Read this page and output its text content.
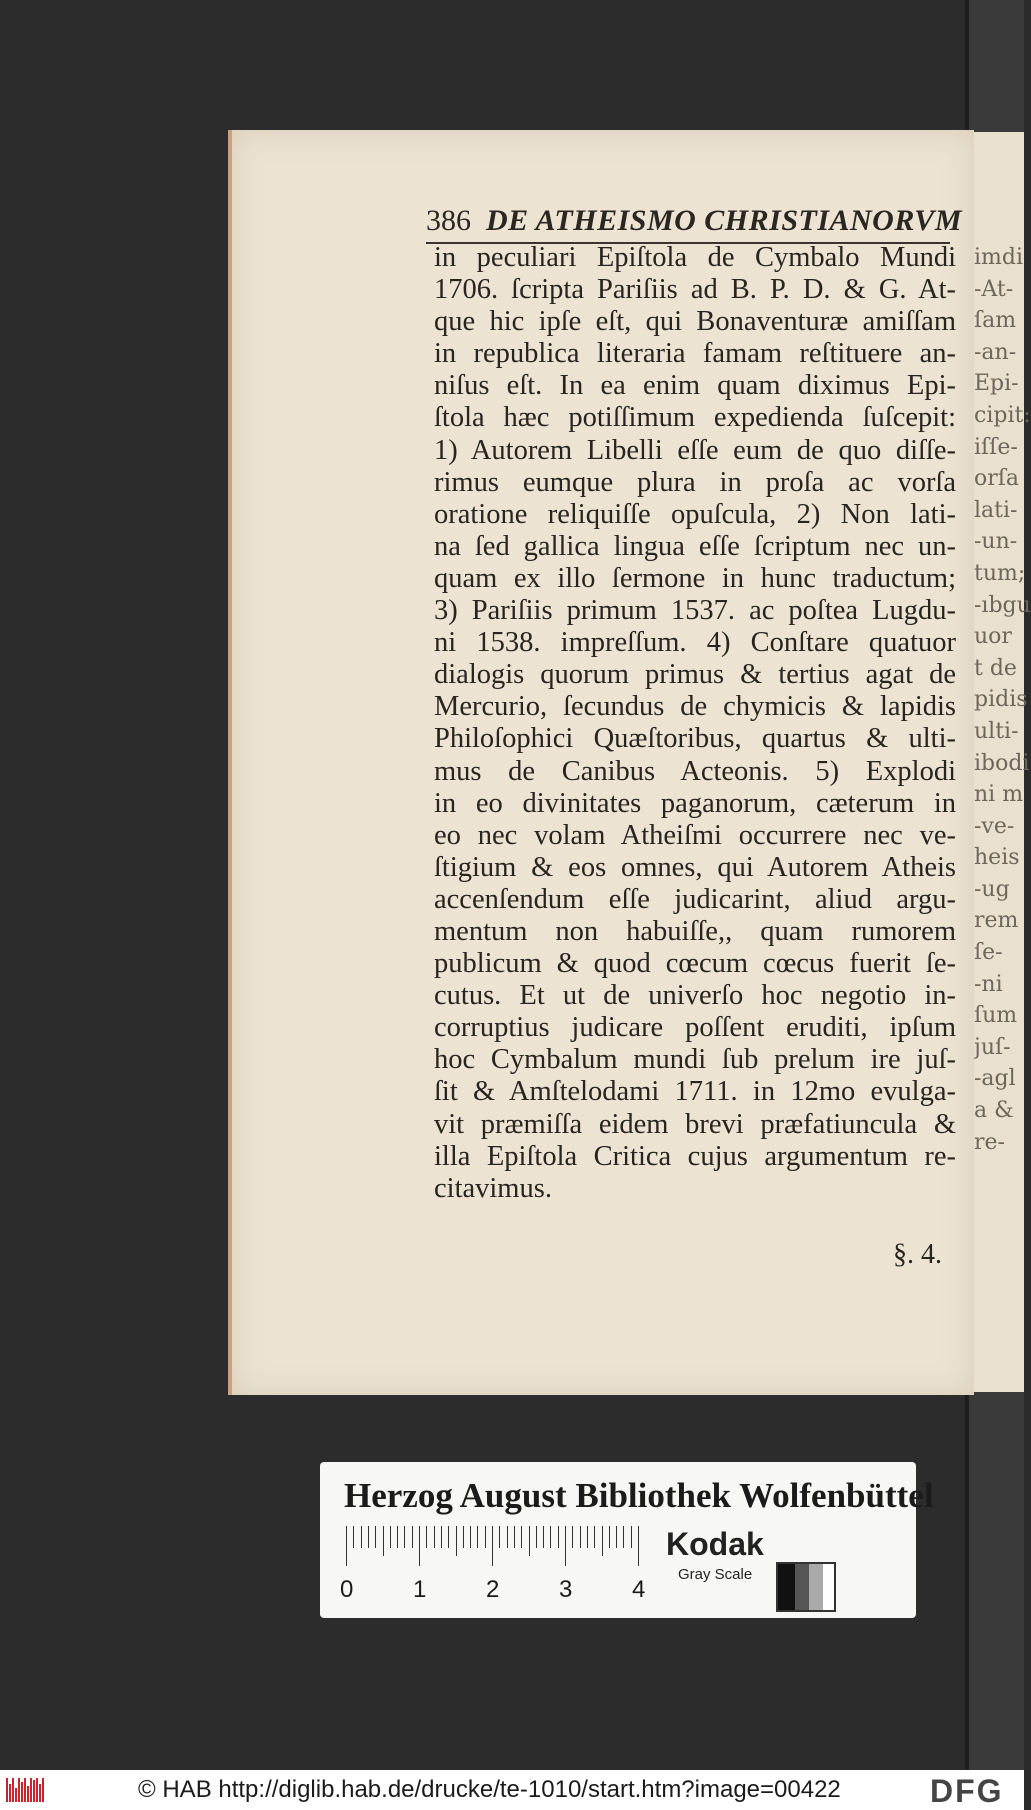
imdi
-At-
ſam
-an-
Epi-
cipit:
iſſe-
orſa
lati-
-un-
tum;
-ıbgu
uor
t de
pidis
ulti-
ibodi
ni m
-ve-
heis
-ug
rem
ſe-
-ni
ſum
juſ-
-agl
a &
re-
386 DE ATHEISMO CHRISTIANORVM
in peculiari Epiſtola de Cymbalo Mundi
1706. ſcripta Pariſiis ad B. P. D. & G. At-
que hic ipſe eſt, qui Bonaventuræ amiſſam
in republica literaria famam reſtituere an-
niſus eſt. In ea enim quam diximus Epi-
ſtola hæc potiſſimum expedienda ſuſcepit:
1) Autorem Libelli eſſe eum de quo diſſe-
rimus eumque plura in proſa ac vorſa
oratione reliquiſſe opuſcula, 2) Non lati-
na ſed gallica lingua eſſe ſcriptum nec un-
quam ex illo ſermone in hunc traductum;
3) Pariſiis primum 1537. ac poſtea Lugdu-
ni 1538. impreſſum. 4) Conſtare quatuor
dialogis quorum primus & tertius agat de
Mercurio, ſecundus de chymicis & lapidis
Philoſophici Quæſtoribus, quartus & ulti-
mus de Canibus Acteonis. 5) Explodi
in eo divinitates paganorum, cæterum in
eo nec volam Atheiſmi occurrere nec ve-
ſtigium & eos omnes, qui Autorem Atheis
accenſendum eſſe judicarint, aliud argu-
mentum non habuiſſe,, quam rumorem
publicum & quod cœcum cœcus fuerit ſe-
cutus. Et ut de univerſo hoc negotio in-
corruptius judicare poſſent eruditi, ipſum
hoc Cymbalum mundi ſub prelum ire juſ-
ſit & Amſtelodami 1711. in 12mo evulga-
vit præmiſſa eidem brevi præfatiuncula &
illa Epiſtola Critica cujus argumentum re-
citavimus.
§. 4.
Herzog August Bibliothek Wolfenbüttel
0 1 2 3 4
Kodak
Gray Scale
© HAB http://diglib.hab.de/drucke/te-1010/start.htm?image=00422	DFG
